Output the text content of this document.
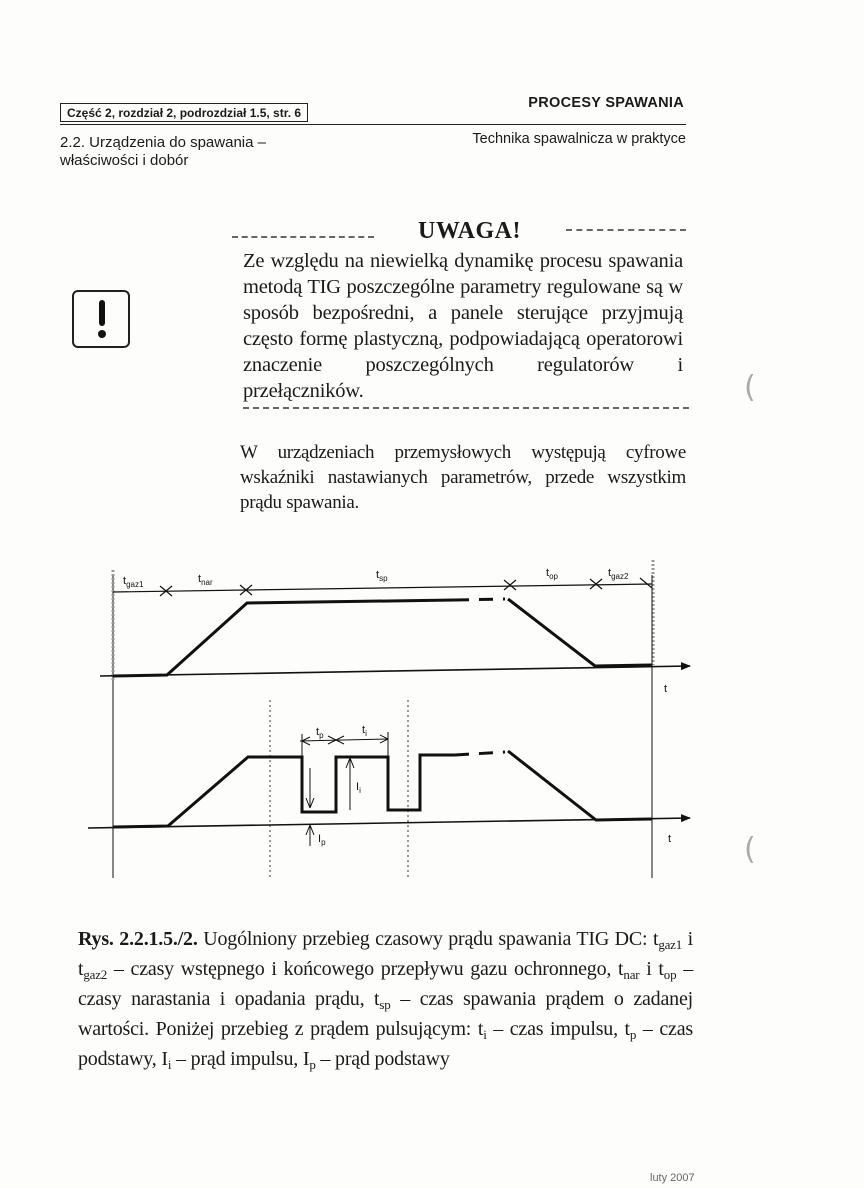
Część 2, rozdział 2, podrozdział 1.5, str. 6
PROCESY SPAWANIA
2.2. Urządzenia do spawania –
właściwości i dobór
Technika spawalnicza w praktyce
UWAGA!
Ze względu na niewielką dynamikę procesu spawania metodą TIG poszczególne parametry regulowane są w sposób bezpośredni, a panele sterujące przyjmują często formę plastyczną, podpowiadającą operatorowi znaczenie poszczególnych regulatorów i przełączników.
W urządzeniach przemysłowych występują cyfrowe wskaźniki nastawianych parametrów, przede wszystkim prądu spawania.
(
(
$t_{gaz1}$	$t_{nar}$
$t_{sp}$	$t_{op}$	$t_{gaz2}$
t
$t_p$	$t_i$
$I_i$
$I_p$	t
Rys. 2.2.1.5./2. Uogólniony przebieg czasowy prądu spawania TIG DC: $t_{gaz1}$ i $t_{gaz2}$ – czasy wstępnego i końcowego przepływu gazu ochronnego, $t_{nar}$ i $t_{op}$ – czasy narastania i opadania prądu, $t_{sp}$ – czas spawania prądem o zadanej wartości. Poniżej przebieg z prądem pulsującym: $t_i$ – czas impulsu, $t_p$ – czas podstawy, $I_i$ – prąd impulsu, $I_p$ – prąd podstawy
luty 2007
